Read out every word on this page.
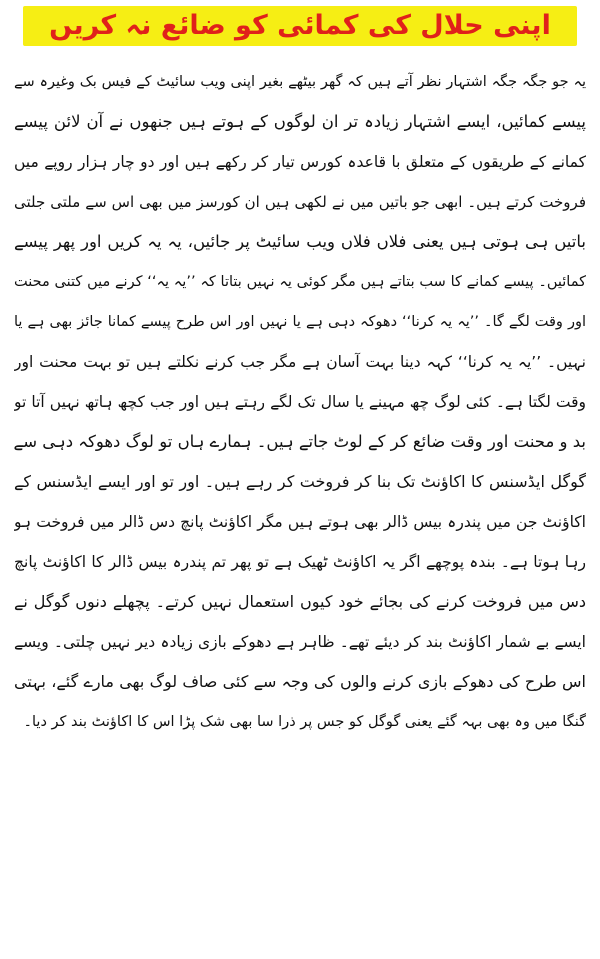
اپنی حلال کی کمائی کو ضائع نہ کریں
یہ جو جگہ جگہ اشتہار نظر آتے ہیں کہ گھر بیٹھے بغیر اپنی ویب سائیٹ کے فیس بک وغیرہ سے
پیسے کمائیں، ایسے اشتہار زیادہ تر ان لوگوں کے ہوتے ہیں جنھوں نے آن لائن پیسے
کمانے کے طریقوں کے متعلق با قاعدہ کورس تیار کر رکھے ہیں اور دو چار ہزار روپے میں
فروخت کرتے ہیں۔ ابھی جو باتیں میں نے لکھی ہیں ان کورسز میں بھی اس سے ملتی جلتی
باتیں ہی ہوتی ہیں یعنی فلاں فلاں ویب سائیٹ پر جائیں، یہ یہ کریں اور پھر پیسے
کمائیں۔ پیسے کمانے کا سب بتاتے ہیں مگر کوئی یہ نہیں بتاتا کہ ’’یہ یہ‘‘ کرنے میں کتنی محنت
اور وقت لگے گا۔ ’’یہ یہ کرنا‘‘ دھوکہ دہی ہے یا نہیں اور اس طرح پیسے کمانا جائز بھی ہے یا
نہیں۔ ’’یہ یہ کرنا‘‘ کہہ دینا بہت آسان ہے مگر جب کرنے نکلتے ہیں تو بہت محنت اور
وقت لگتا ہے۔ کئی لوگ چھ مہینے یا سال تک لگے رہتے ہیں اور جب کچھ ہاتھ نہیں آتا تو
بد و محنت اور وقت ضائع کر کے لوٹ جاتے ہیں۔ ہمارے ہاں تو لوگ دھوکہ دہی سے
گوگل ایڈسنس کا اکاؤنٹ تک بنا کر فروخت کر رہے ہیں۔ اور تو اور ایسے ایڈسنس کے
اکاؤنٹ جن میں پندرہ بیس ڈالر بھی ہوتے ہیں مگر اکاؤنٹ پانچ دس ڈالر میں فروخت ہو
رہا ہوتا ہے۔ بندہ پوچھے اگر یہ اکاؤنٹ ٹھیک ہے تو پھر تم پندرہ بیس ڈالر کا اکاؤنٹ پانچ
دس میں فروخت کرنے کی بجائے خود کیوں استعمال نہیں کرتے۔ پچھلے دنوں گوگل نے
ایسے بے شمار اکاؤنٹ بند کر دیئے تھے۔ ظاہر ہے دھوکے بازی زیادہ دیر نہیں چلتی۔ ویسے
اس طرح کی دھوکے بازی کرنے والوں کی وجہ سے کئی صاف لوگ بھی مارے گئے، بہتی
گنگا میں وہ بھی بہہ گئے یعنی گوگل کو جس پر ذرا سا بھی شک پڑا اس کا اکاؤنٹ بند کر دیا۔
